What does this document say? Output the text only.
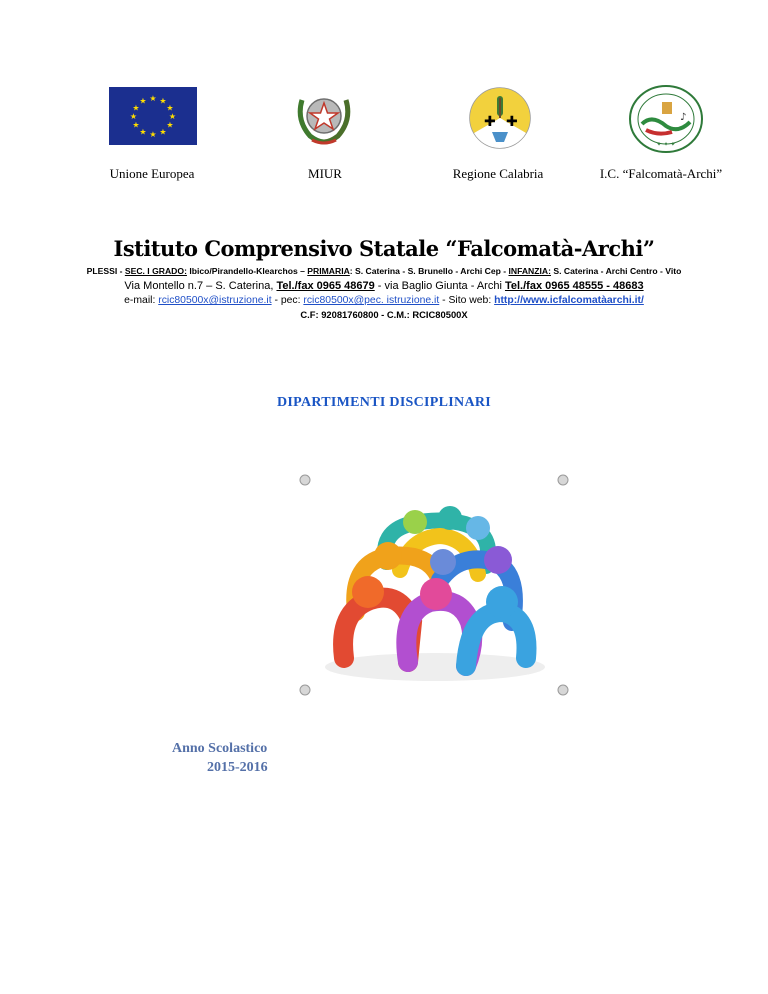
★ ★
★
★
★
★
★
★
★
★
★
★
✚ ✚	♪
✦ ✦ ✦
Unione Europea	MIUR	Regione Calabria	I.C. “Falcomatà-Archi”
Istituto Comprensivo Statale “Falcomatà-Archi”
PLESSI - SEC. I GRADO: Ibico/Pirandello-Klearchos – PRIMARIA: S. Caterina - S. Brunello - Archi Cep - INFANZIA: S. Caterina - Archi Centro - Vito
Via Montello n.7 – S. Caterina, Tel./fax 0965 48679 - via Baglio Giunta - Archi Tel./fax 0965 48555 - 48683
e-mail: rcic80500x@istruzione.it - pec: rcic80500x@pec. istruzione.it - Sito web: http://www.icfalcomatàarchi.it/
C.F: 92081760800 - C.M.: RCIC80500X
DIPARTIMENTI DISCIPLINARI
Anno Scolastico
2015-2016
